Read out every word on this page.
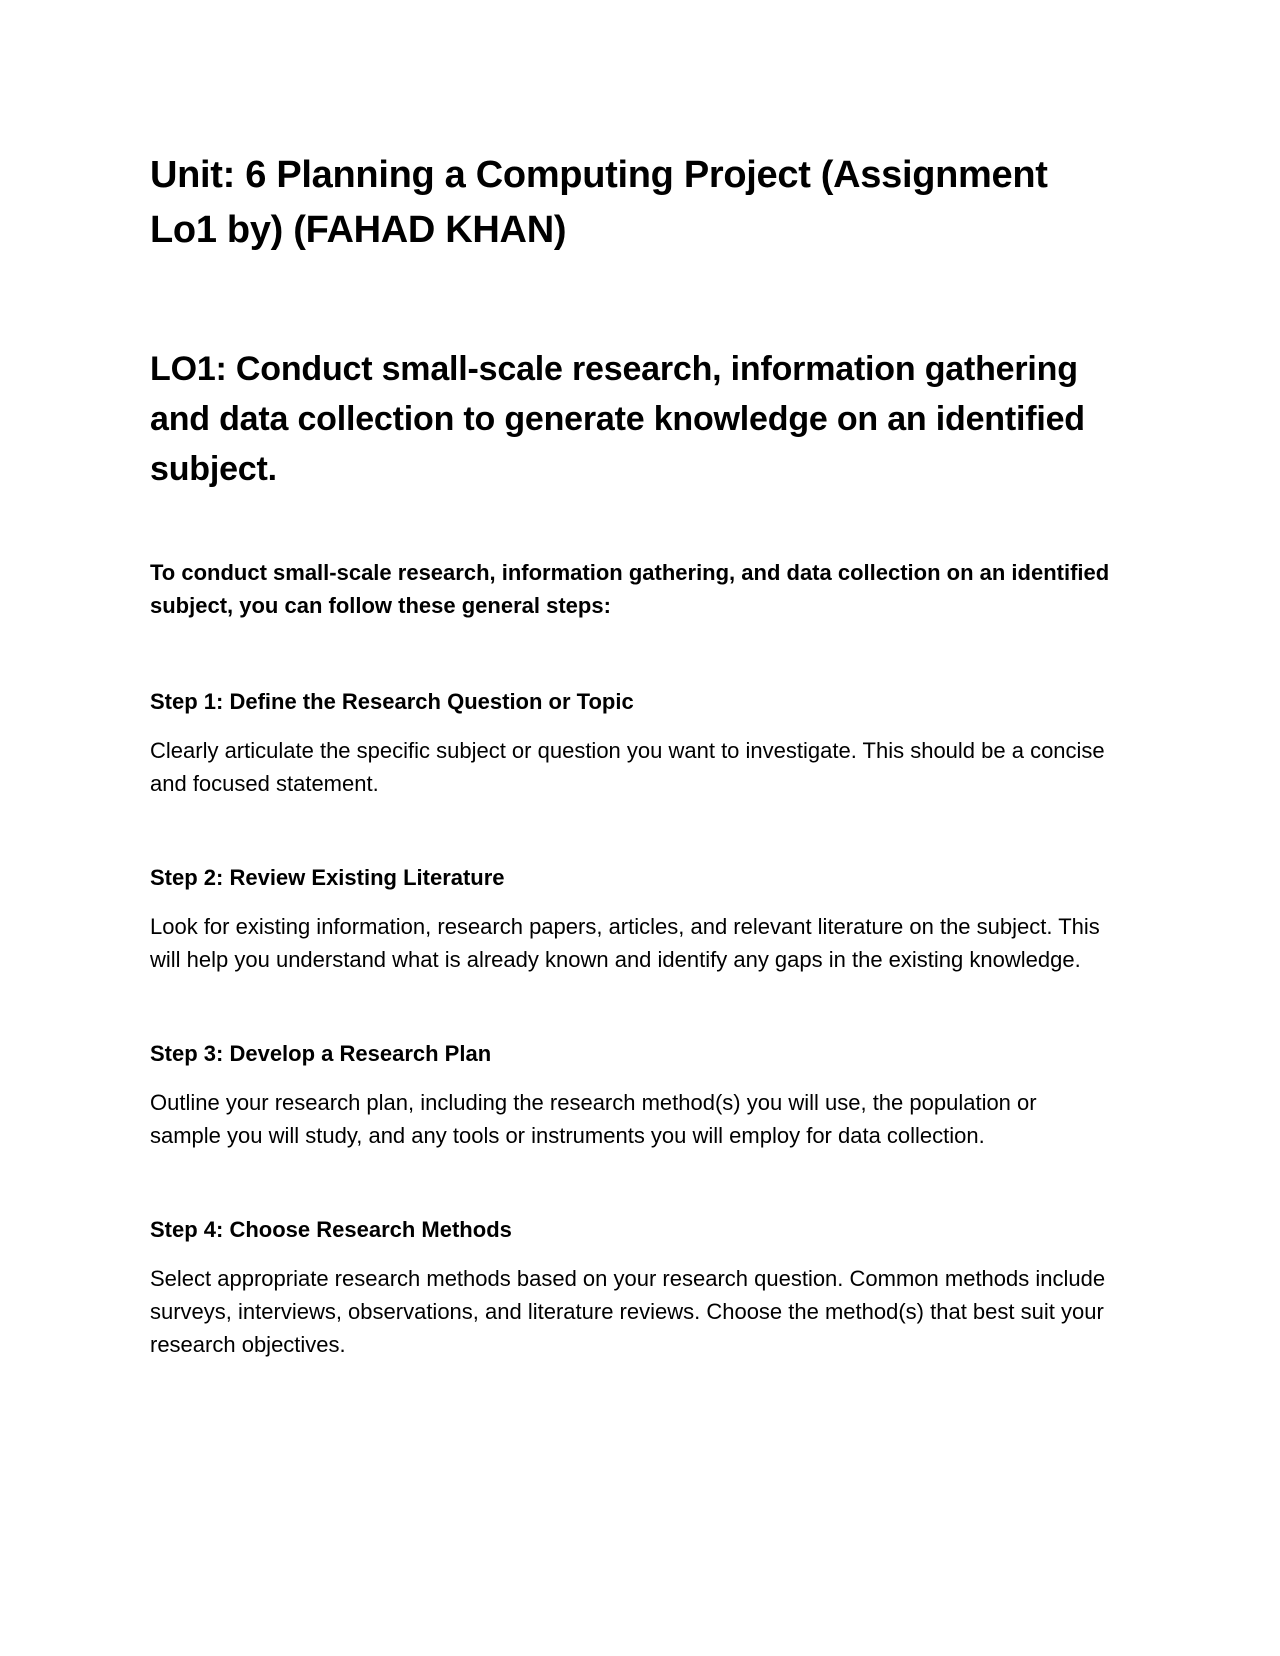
Unit: 6 Planning a Computing Project (Assignment Lo1 by) (FAHAD KHAN)
LO1: Conduct small-scale research, information gathering and data collection to generate knowledge on an identified subject.

To conduct small-scale research, information gathering, and data collection on an identified subject, you can follow these general steps:

Step 1: Define the Research Question or Topic

Clearly articulate the specific subject or question you want to investigate. This should be a concise and focused statement.

Step 2: Review Existing Literature

Look for existing information, research papers, articles, and relevant literature on the subject. This will help you understand what is already known and identify any gaps in the existing knowledge.

Step 3: Develop a Research Plan

Outline your research plan, including the research method(s) you will use, the population or sample you will study, and any tools or instruments you will employ for data collection.

Step 4: Choose Research Methods

Select appropriate research methods based on your research question. Common methods include surveys, interviews, observations, and literature reviews. Choose the method(s) that best suit your research objectives.
